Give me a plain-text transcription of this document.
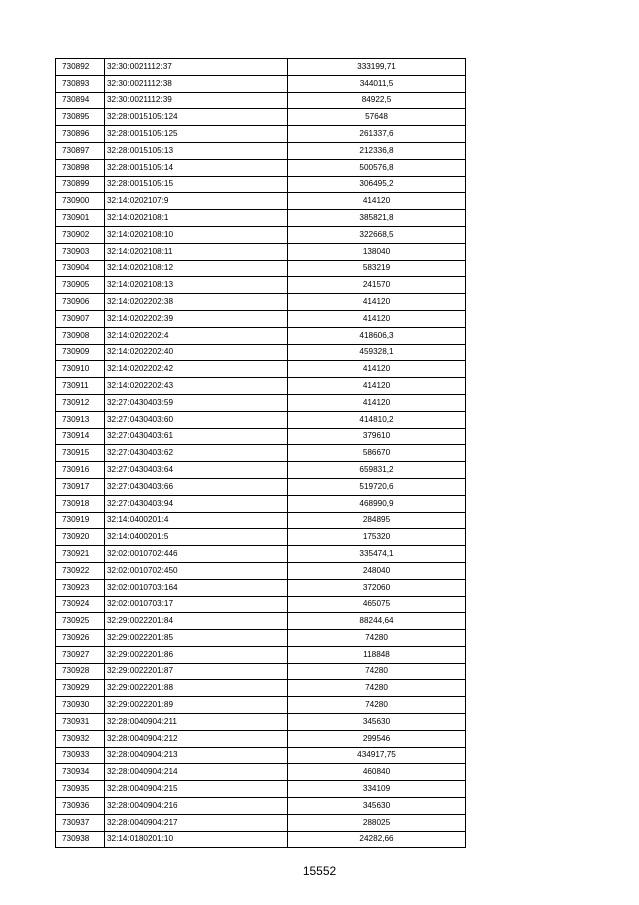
730892	32:30:0021112:37	333199,71
730893	32:30:0021112:38	344011,5
730894	32:30:0021112:39	84922,5
730895	32:28:0015105:124	57648
730896	32:28:0015105:125	261337,6
730897	32:28:0015105:13	212336,8
730898	32:28:0015105:14	500576,8
730899	32:28:0015105:15	306495,2
730900	32:14:0202107:9	414120
730901	32:14:0202108:1	385821,8
730902	32:14:0202108:10	322668,5
730903	32:14:0202108:11	138040
730904	32:14:0202108:12	583219
730905	32:14:0202108:13	241570
730906	32:14:0202202:38	414120
730907	32:14:0202202:39	414120
730908	32:14:0202202:4	418606,3
730909	32:14:0202202:40	459328,1
730910	32:14:0202202:42	414120
730911	32:14:0202202:43	414120
730912	32:27:0430403:59	414120
730913	32:27:0430403:60	414810,2
730914	32:27:0430403:61	379610
730915	32:27:0430403:62	586670
730916	32:27:0430403:64	659831,2
730917	32:27:0430403:66	519720,6
730918	32:27:0430403:94	468990,9
730919	32:14:0400201:4	284895
730920	32:14:0400201:5	175320
730921	32:02:0010702:446	335474,1
730922	32:02:0010702:450	248040
730923	32:02:0010703:164	372060
730924	32:02:0010703:17	465075
730925	32:29:0022201:84	88244,64
730926	32:29:0022201:85	74280
730927	32:29:0022201:86	118848
730928	32:29:0022201:87	74280
730929	32:29:0022201:88	74280
730930	32:29:0022201:89	74280
730931	32:28:0040904:211	345630
730932	32:28:0040904:212	299546
730933	32:28:0040904:213	434917,75
730934	32:28:0040904:214	460840
730935	32:28:0040904:215	334109
730936	32:28:0040904:216	345630
730937	32:28:0040904:217	288025
730938	32:14:0180201:10	24282,66
15552
